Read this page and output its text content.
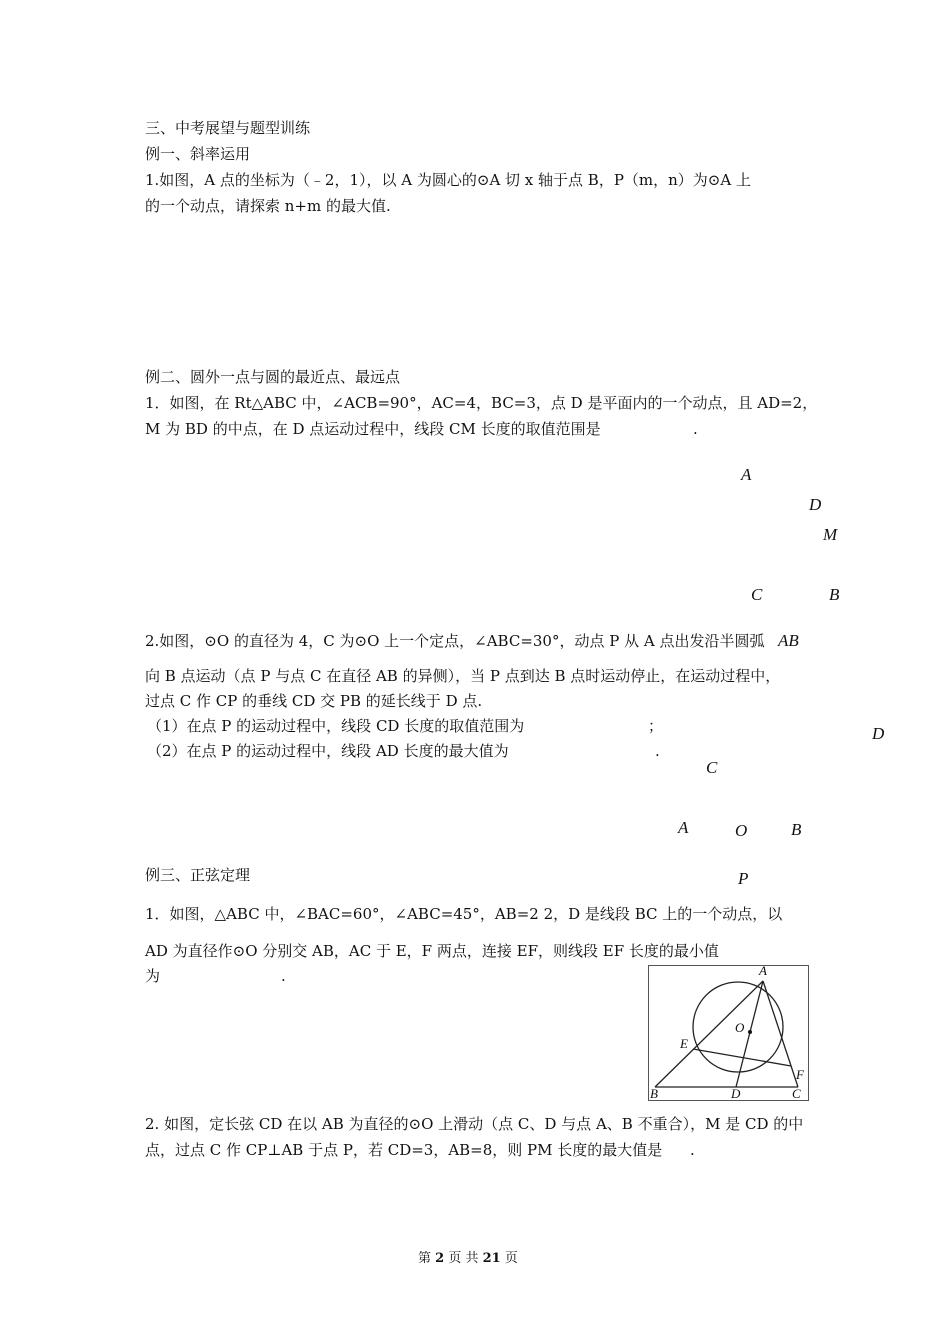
三、中考展望与题型训练
例一、斜率运用
1.如图，A 点的坐标为（﹣2，1），以 A 为圆心的⊙A 切 x 轴于点 B，P（m，n）为⊙A 上
的一个动点，请探索 n+m 的最大值.
例二、圆外一点与圆的最近点、最远点
1．如图，在 Rt△ABC 中，∠ACB=90°，AC=4，BC=3，点 D 是平面内的一个动点，且 AD=2，
M 为 BD 的中点，在 D 点运动过程中，线段 CM 长度的取值范围是	.
A
D
M
C	B
2.如图，⊙O 的直径为 4，C 为⊙O 上一个定点，∠ABC=30°，动点 P 从 A 点出发沿半圆弧 AB
向 B 点运动（点 P 与点 C 在直径 AB 的异侧），当 P 点到达 B 点时运动停止，在运动过程中，
过点 C 作 CP 的垂线 CD 交 PB 的延长线于 D 点.
（1）在点 P 的运动过程中，线段 CD 长度的取值范围为	；
（2）在点 P 的运动过程中，线段 AD 长度的最大值为	.
D
C
A	O	B
P
例三、正弦定理
1．如图，△ABC 中，∠BAC=60°，∠ABC=45°，AB=2 2，D 是线段 BC 上的一个动点，以
AD 为直径作⊙O 分别交 AB，AC 于 E，F 两点，连接 EF，则线段 EF 长度的最小值
为	.	A
O
E
F
B	D	C
2. 如图，定长弦 CD 在以 AB 为直径的⊙O 上滑动（点 C、D 与点 A、B 不重合），M 是 CD 的中
点，过点 C 作 CP⊥AB 于点 P，若 CD=3，AB=8，则 PM 长度的最大值是 .
第 2 页 共 21 页
